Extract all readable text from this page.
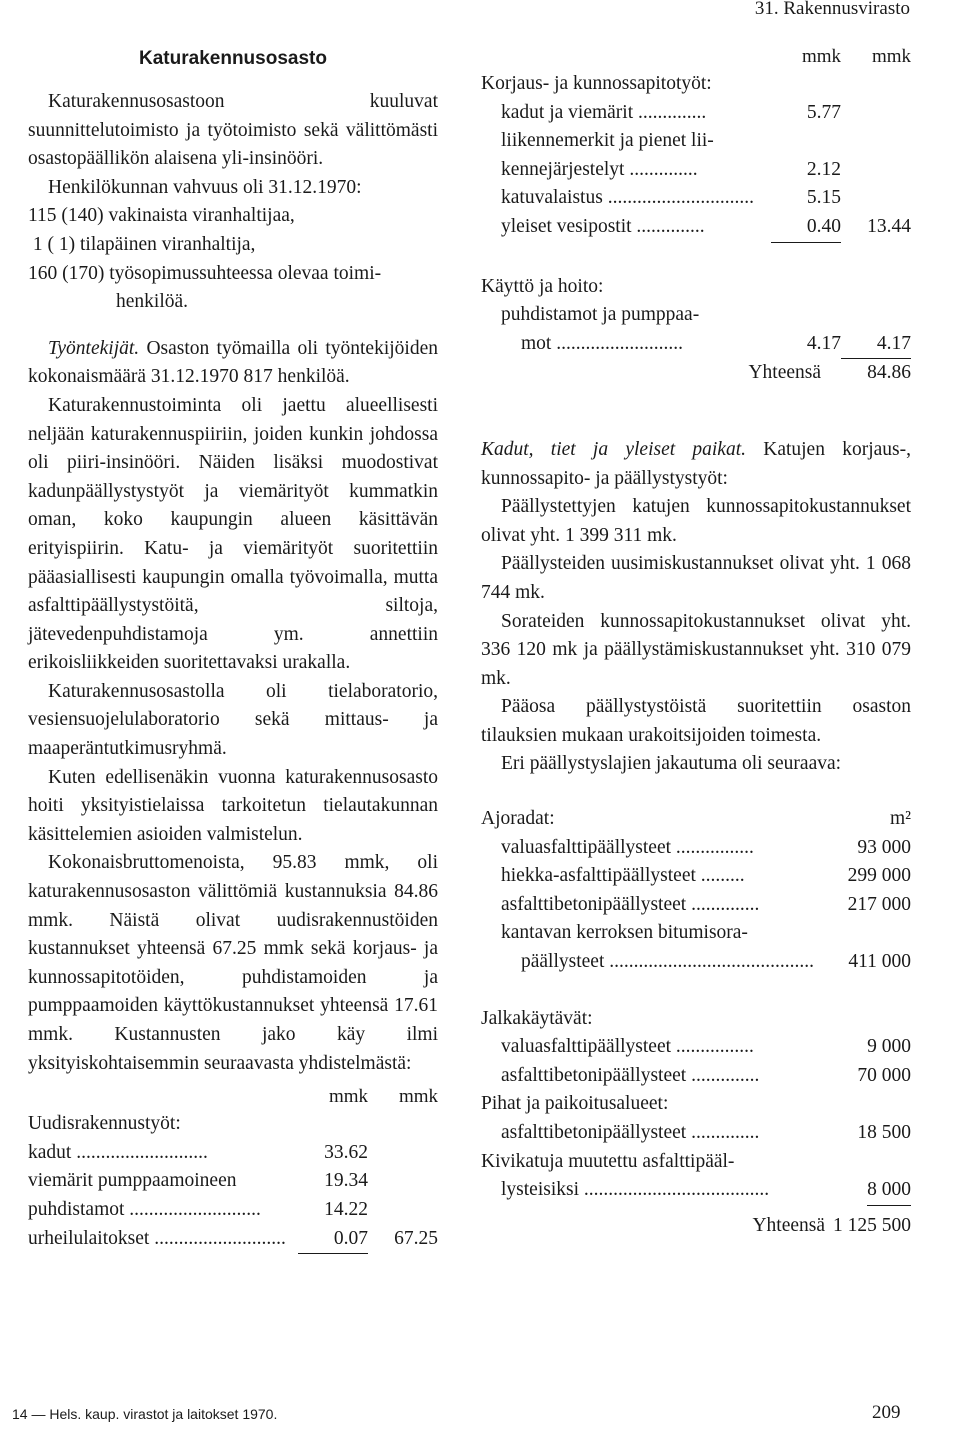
31. Rakennusvirasto
Katurakennusosasto

Katurakennusosastoon kuuluvat suunnittelutoimisto ja työtoimisto sekä välittömästi osastopäällikön alaisena yli-insinööri.

Henkilökunnan vahvuus oli 31.12.1970:

115 (140) vakinaista viranhaltijaa,
1 ( 1) tilapäinen viranhaltija,
160 (170) työsopimussuhteessa olevaa toimi-
henkilöä.

Työntekijät. Osaston työmailla oli työntekijöiden kokonaismäärä 31.12.1970 817 henkilöä.

Katurakennustoiminta oli jaettu alueellisesti neljään katurakennuspiiriin, joiden kunkin johdossa oli piiri-insinööri. Näiden lisäksi muodostivat kadunpäällystystyöt ja viemärityöt kummatkin oman, koko kaupungin alueen käsittävän erityispiirin. Katu- ja viemärityöt suoritettiin pääasiallisesti kaupungin omalla työvoimalla, mutta asfalttipäällystystöitä, siltoja, jätevedenpuhdistamoja ym. annettiin erikoisliikkeiden suoritettavaksi urakalla.

Katurakennusosastolla oli tielaboratorio, vesiensuojelulaboratorio sekä mittaus- ja maaperäntutkimusryhmä.

Kuten edellisenäkin vuonna katurakennusosasto hoiti yksityistielaissa tarkoitetun tielautakunnan käsittelemien asioiden valmistelun.

Kokonaisbruttomenoista, 95.83 mmk, oli katurakennusosaston välittömiä kustannuksia 84.86 mmk. Näistä olivat uudisrakennustöiden kustannukset yhteensä 67.25 mmk sekä korjaus- ja kunnossapitotöiden, puhdistamoiden ja pumppaamoiden käyttökustannukset yhteensä 17.61 mmk. Kustannusten jako käy ilmi yksityiskohtaisemmin seuraavasta yhdistelmästä:

mmk	mmk
Uudisrakennustyöt:
kadut ...........................	33.62
viemärit pumppaamoineen	19.34
puhdistamot ...........................	14.22
urheilulaitokset ...........................	0.07	67.25
mmk	mmk
Korjaus- ja kunnossapitotyöt:
kadut ja viemärit ..............	5.77
liikennemerkit ja pienet lii-
kennejärjestelyt ..............	2.12
katuvalaistus ..............................	5.15
yleiset vesipostit ..............	0.40	13.44
Käyttö ja hoito:
puhdistamot ja pumppaa-
mot ..........................	4.17	4.17
Yhteensä	84.86

Kadut, tiet ja yleiset paikat. Katujen korjaus-, kunnossapito- ja päällystystyöt:

Päällystettyjen katujen kunnossapitokustannukset olivat yht. 1 399 311 mk.

Päällysteiden uusimiskustannukset olivat yht. 1 068 744 mk.

Sorateiden kunnossapitokustannukset olivat yht. 336 120 mk ja päällystämiskustannukset yht. 310 079 mk.

Pääosa päällystystöistä suoritettiin osaston tilauksien mukaan urakoitsijoiden toimesta.

Eri päällystyslajien jakautuma oli seuraava:

Ajoradat:	m²
valuasfalttipäällysteet ................	93 000
hiekka-asfalttipäällysteet .........	299 000
asfalttibetonipäällysteet ..............	217 000
kantavan kerroksen bitumisora-
päällysteet ..........................................	411 000
Jalkakäytävät:
valuasfalttipäällysteet ................	9 000
asfalttibetonipäällysteet ..............	70 000
Pihat ja paikoitusalueet:
asfalttibetonipäällysteet ..............	18 500
Kivikatuja muutettu asfalttipääl-
lysteisiksi ......................................	8 000
Yhteensä 1 125 500
14 — Hels. kaup. virastot ja laitokset 1970.	209
